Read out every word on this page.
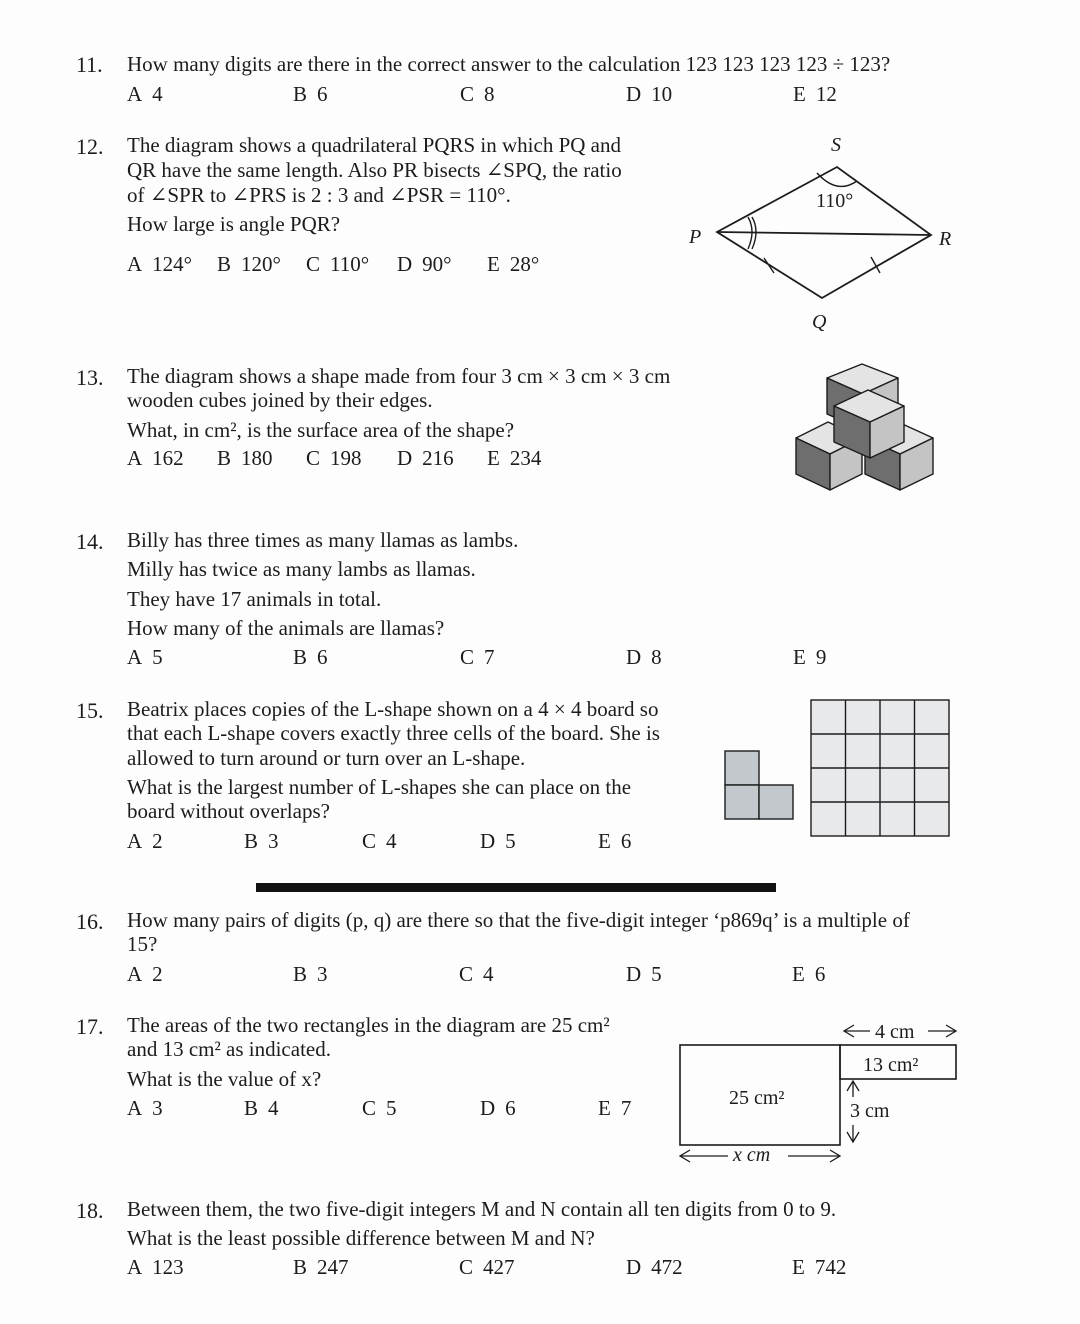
11. How many digits are there in the correct answer to the calculation 123 123 123 123 ÷ 123?
A 4	B 6	C 8	D 10	E 12
12. The diagram shows a quadrilateral PQRS in which PQ and
QR have the same length. Also PR bisects ∠SPQ, the ratio
of ∠SPR to ∠PRS is 2 : 3 and ∠PSR = 110°.
How large is angle PQR?
A 124° B 120° C 110° D 90° E 28°
S
P	R
Q
110°
13. The diagram shows a shape made from four 3 cm × 3 cm × 3 cm
wooden cubes joined by their edges.
What, in cm², is the surface area of the shape?
A 162 B 180 C 198 D 216 E 234
14. Billy has three times as many llamas as lambs.
Milly has twice as many lambs as llamas.
They have 17 animals in total.
How many of the animals are llamas?
A 5	B 6	C 7	D 8	E 9
15. Beatrix places copies of the L-shape shown on a 4 × 4 board so
that each L-shape covers exactly three cells of the board. She is
allowed to turn around or turn over an L-shape.
What is the largest number of L-shapes she can place on the
board without overlaps?
A 2	B 3	C 4	D 5	E 6
16. How many pairs of digits (p, q) are there so that the five-digit integer ‘p869q’ is a multiple of
15?
A 2	B 3	C 4	D 5	E 6
17. The areas of the two rectangles in the diagram are 25 cm²
and 13 cm² as indicated.
What is the value of x?
A 3	B 4	C 5	D 6	E 7
4 cm
3 cm
x cm
13 cm²
25 cm²
18. Between them, the two five-digit integers M and N contain all ten digits from 0 to 9.
What is the least possible difference between M and N?
A 123	B 247	C 427	D 472	E 742
